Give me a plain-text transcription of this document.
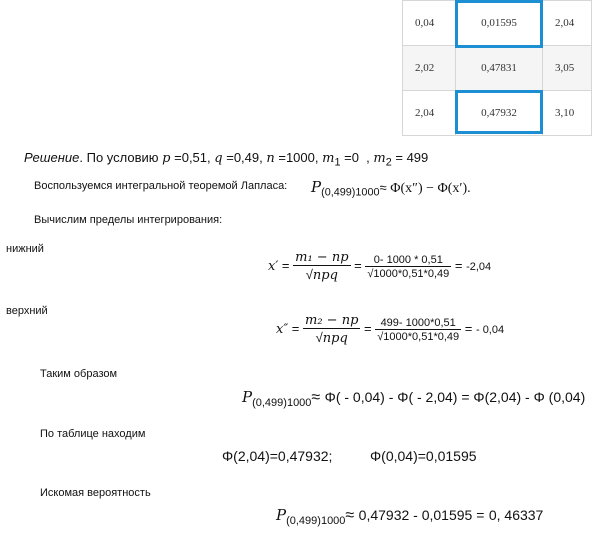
0,04	0,01595	2,04
2,02	0,47831	3,05
2,04	0,47932	3,10
Решение. По условию p =0,51, q =0,49, n =1000, $m_1 =0$  , $m_2 = 499$
Воспользуемся интегральной теоремой Лапласа: $P_{(0,499)1000}\approx \Phi(x'') - \Phi(x')$.
Вычислим пределы интегрирования:
нижний
$x' = \frac{\text{m₁ − np}}{\text{√npq}} = \frac{0- 1000 * 0,51}{√1000*0,51*0,49} = -2,04$
верхний
$x'' = \frac{\text{m₂ − np}}{\text{√npq}} = \frac{499- 1000*0,51}{√1000*0,51*0,49}$ = - 0,04
Таким образом
$P_{(0,499)1000}\approx \Phi( - 0,04) - \Phi( - 2,04) = \Phi(2,04) - \Phi$ (0,04)
По таблице находим
Φ(2,04)=0,47932;	Φ(0,04)=0,01595
Искомая вероятность
$P_{(0,499)1000}\approx 0,47932 - 0,01595 = 0$, 46337
